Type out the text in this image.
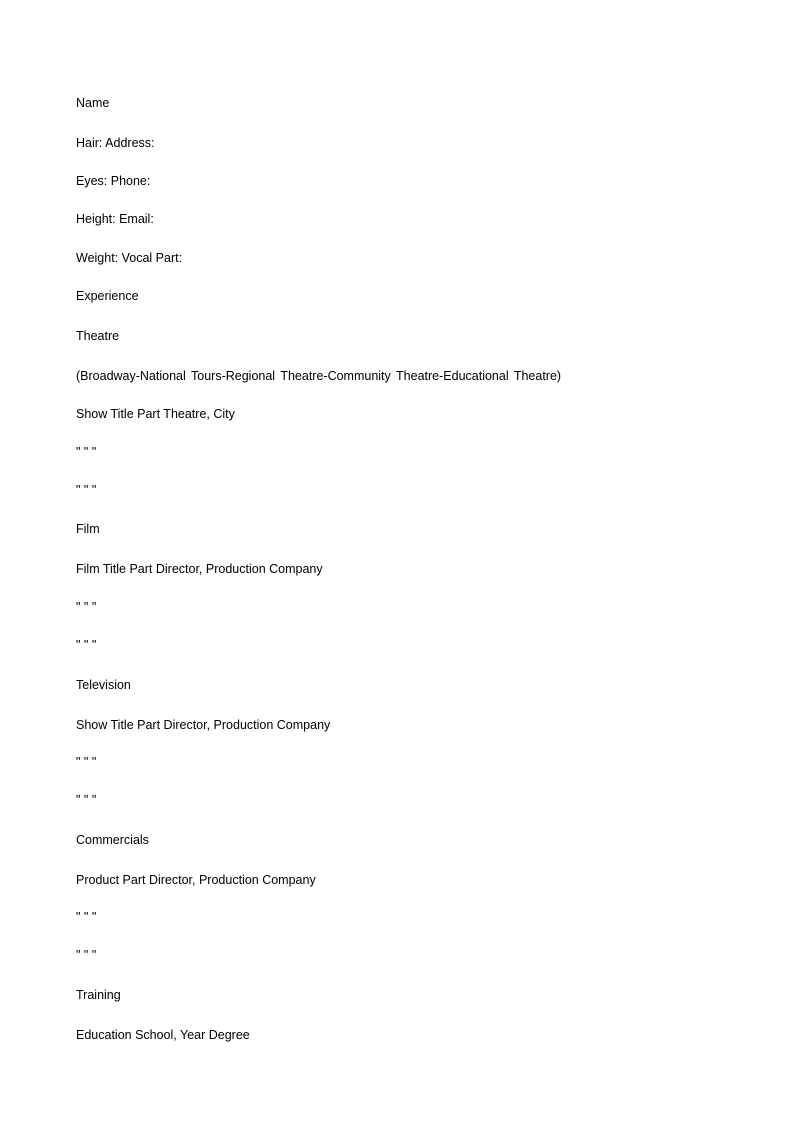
Name

Hair: Address:

Eyes: Phone:

Height: Email:

Weight: Vocal Part:

Experience

Theatre

(Broadway-National Tours-Regional Theatre-Community Theatre-Educational Theatre)

Show Title Part Theatre, City

" " "

" " "

Film

Film Title Part Director, Production Company

" " "

" " "

Television

Show Title Part Director, Production Company

" " "

" " "

Commercials

Product Part Director, Production Company

" " "

" " "

Training

Education School, Year Degree
